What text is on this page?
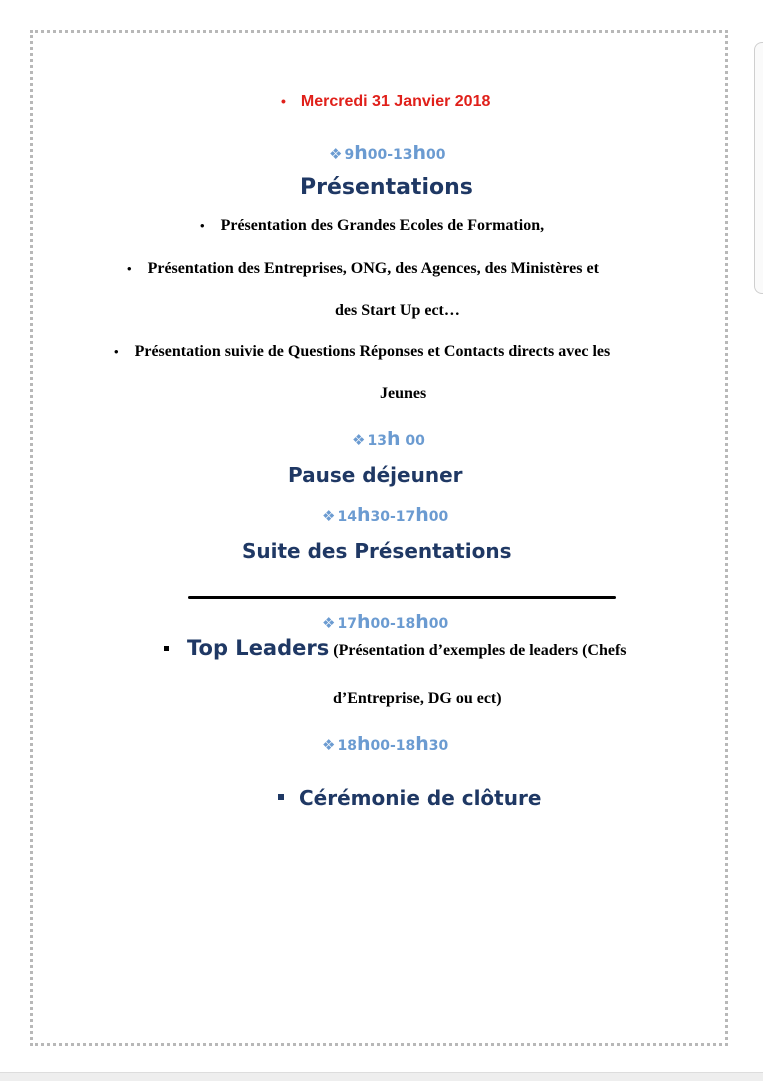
• Mercredi 31 Janvier 2018
❖ 9h00-13h00
Présentations
• Présentation des Grandes Ecoles de Formation,
• Présentation des Entreprises, ONG, des Agences, des Ministères et
des Start Up ect…
• Présentation suivie de Questions Réponses et Contacts directs avec les
Jeunes
❖ 13h 00
Pause déjeuner
❖ 14h30-17h00
Suite des Présentations
❖ 17h00-18h00
Top Leaders (Présentation d’exemples de leaders (Chefs
d’Entreprise, DG ou ect)
❖ 18h00-18h30
Cérémonie de clôture
